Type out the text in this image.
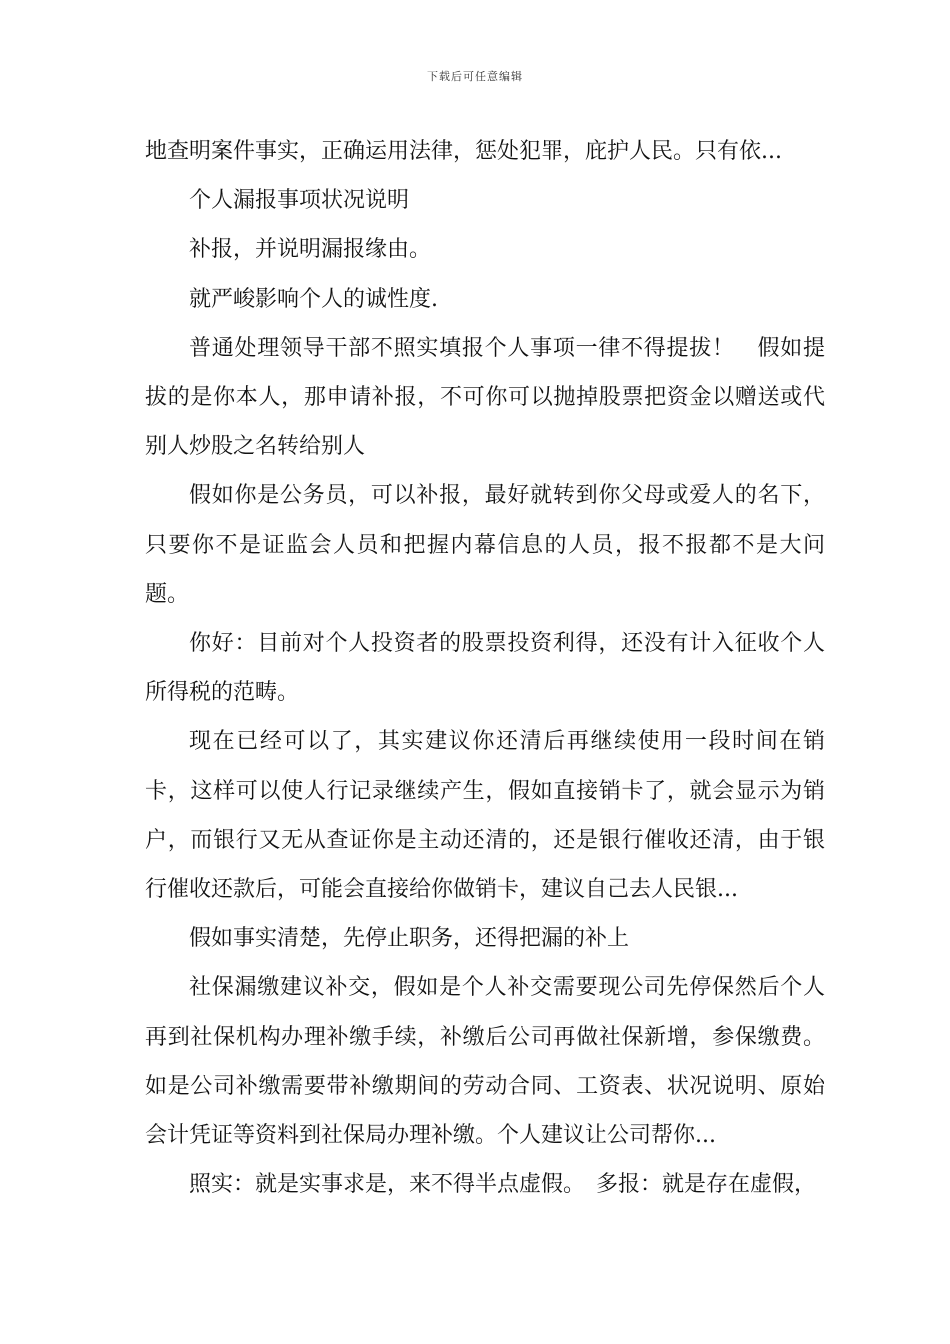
下载后可任意编辑

地查明案件事实，正确运用法律，惩处犯罪，庇护人民。只有依...

个人漏报事项状况说明

补报，并说明漏报缘由。

就严峻影响个人的诚性度.

普通处理领导干部不照实填报个人事项一律不得提拔！　假如提拔的是你本人，那申请补报，不可你可以抛掉股票把资金以赠送或代别人炒股之名转给别人

假如你是公务员，可以补报，最好就转到你父母或爱人的名下，只要你不是证监会人员和把握内幕信息的人员，报不报都不是大问题。

你好：目前对个人投资者的股票投资利得，还没有计入征收个人所得税的范畴。

现在已经可以了，其实建议你还清后再继续使用一段时间在销卡，这样可以使人行记录继续产生，假如直接销卡了，就会显示为销户，而银行又无从查证你是主动还清的，还是银行催收还清，由于银行催收还款后，可能会直接给你做销卡，建议自己去人民银...

假如事实清楚，先停止职务，还得把漏的补上

社保漏缴建议补交，假如是个人补交需要现公司先停保然后个人再到社保机构办理补缴手续，补缴后公司再做社保新增，参保缴费。如是公司补缴需要带补缴期间的劳动合同、工资表、状况说明、原始会计凭证等资料到社保局办理补缴。个人建议让公司帮你...

照实：就是实事求是，来不得半点虚假。　多报：就是存在虚假，
